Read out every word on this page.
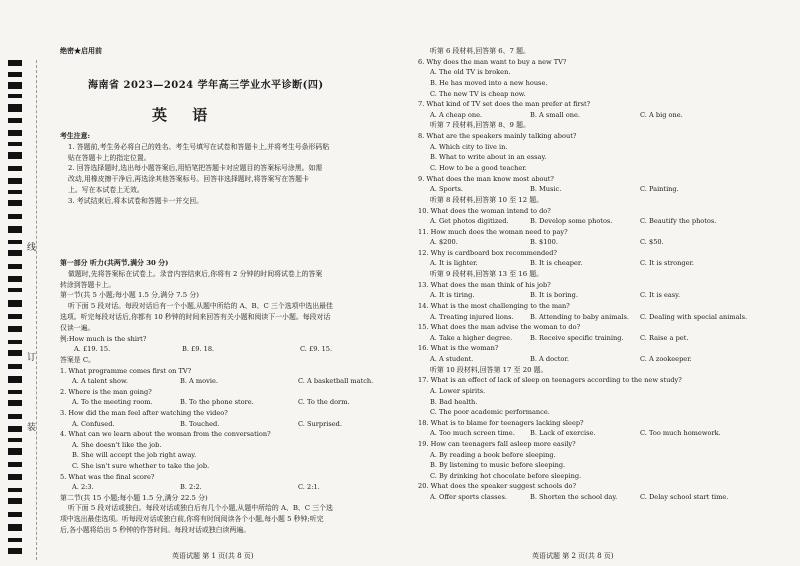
线
订
装
绝密★启用前
海南省 2023—2024 学年高三学业水平诊断(四)
英 语
考生注意:
1. 答题前,考生务必将自己的姓名、考生号填写在试卷和答题卡上,并将考生号条形码粘
贴在答题卡上的指定位置。
2. 回答选择题时,选出每小题答案后,用铅笔把答题卡对应题目的答案标号涂黑。如需
改动,用橡皮擦干净后,再选涂其他答案标号。回答非选择题时,将答案写在答题卡
上。写在本试卷上无效。
3. 考试结束后,将本试卷和答题卡一并交回。
第一部分 听力(共两节,满分 30 分)
做题时,先将答案标在试卷上。录音内容结束后,你将有 2 分钟的时间将试卷上的答案
转涂到答题卡上。
第一节(共 5 小题;每小题 1.5 分,满分 7.5 分)
听下面 5 段对话。每段对话后有一个小题,从题中所给的 A、B、C 三个选项中选出最佳
选项。听完每段对话后,你都有 10 秒钟的时间来回答有关小题和阅读下一小题。每段对话
仅读一遍。
例:How much is the shirt?
A. £19. 15.	B. £9. 18.	C. £9. 15.
答案是 C。
1. What programme comes first on TV?
A. A talent show.	B. A movie.	C. A basketball match.
2. Where is the man going?
A. To the meeting room.	B. To the phone store.	C. To the dorm.
3. How did the man feel after watching the video?
A. Confused.	B. Touched.	C. Surprised.
4. What can we learn about the woman from the conversation?
A. She doesn't like the job.
B. She will accept the job right away.
C. She isn't sure whether to take the job.
5. What was the final score?
A. 2:3.	B. 2:2.	C. 2:1.
第二节(共 15 小题;每小题 1.5 分,满分 22.5 分)
听下面 5 段对话或独白。每段对话或独白后有几个小题,从题中所给的 A、B、C 三个选
项中选出最佳选项。听每段对话或独白前,你将有时间阅读各个小题,每小题 5 秒钟;听完
后,各小题将给出 5 秒钟的作答时间。每段对话或独白读两遍。
英语试题 第 1 页(共 8 页)
听第 6 段材料,回答第 6、7 题。
6. Why does the man want to buy a new TV?
A. The old TV is broken.
B. He has moved into a new house.
C. The new TV is cheap now.
7. What kind of TV set does the man prefer at first?
A. A cheap one.	B. A small one.	C. A big one.
听第 7 段材料,回答第 8、9 题。
8. What are the speakers mainly talking about?
A. Which city to live in.
B. What to write about in an essay.
C. How to be a good teacher.
9. What does the man know most about?
A. Sports.	B. Music.	C. Painting.
听第 8 段材料,回答第 10 至 12 题。
10. What does the woman intend to do?
A. Get photos digitized.	B. Develop some photos.	C. Beautify the photos.
11. How much does the woman need to pay?
A. $200.	B. $100.	C. $50.
12. Why is cardboard box recommended?
A. It is lighter.	B. It is cheaper.	C. It is stronger.
听第 9 段材料,回答第 13 至 16 题。
13. What does the man think of his job?
A. It is tiring.	B. It is boring.	C. It is easy.
14. What is the most challenging to the man?
A. Treating injured lions.	B. Attending to baby animals.	C. Dealing with special animals.
15. What does the man advise the woman to do?
A. Take a higher degree.	B. Receive specific training.	C. Raise a pet.
16. What is the woman?
A. A student.	B. A doctor.	C. A zookeeper.
听第 10 段材料,回答第 17 至 20 题。
17. What is an effect of lack of sleep on teenagers according to the new study?
A. Lower spirits.
B. Bad health.
C. The poor academic performance.
18. What is to blame for teenagers lacking sleep?
A. Too much screen time.	B. Lack of exercise.	C. Too much homework.
19. How can teenagers fall asleep more easily?
A. By reading a book before sleeping.
B. By listening to music before sleeping.
C. By drinking hot chocolate before sleeping.
20. What does the speaker suggest schools do?
A. Offer sports classes.	B. Shorten the school day.	C. Delay school start time.
英语试题 第 2 页(共 8 页)
